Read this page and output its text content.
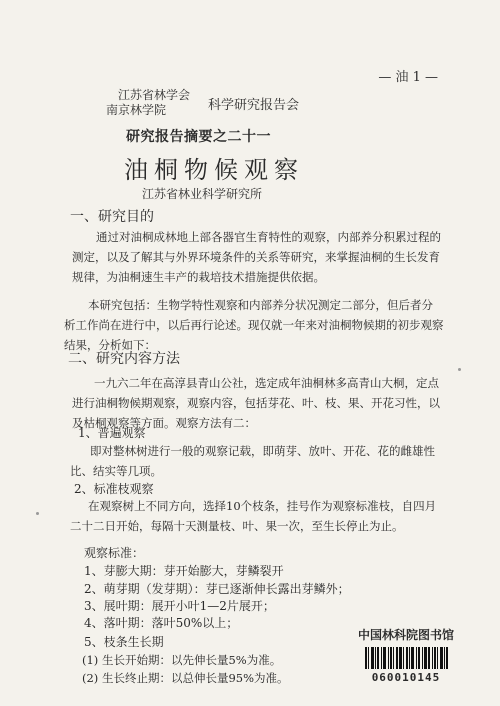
— 油 1 —
江苏省林学会
南京林学院	科学研究报告会
研究报告摘要之二十一
油桐物候观察
江苏省林业科学研究所
一、研究目的
通过对油桐成林地上部各器官生育特性的观察，内部养分积累过程的测定，以及了解其与外界环境条件的关系等研究，来掌握油桐的生长发育规律，为油桐速生丰产的栽培技术措施提供依据。
本研究包括：生物学特性观察和内部养分状况测定二部分，但后者分析工作尚在进行中，以后再行论述。现仅就一年来对油桐物候期的初步观察结果，分析如下：
二、研究内容方法
一九六二年在高淳县青山公社，选定成年油桐林多高青山大桐，定点进行油桐物候期观察，观察内容，包括芽花、叶、枝、果、开花习性，以及枯桐观察等方面。观察方法有二：
1、普遍观察
即对整林树进行一般的观察记载，即萌芽、放叶、开花、花的雌雄性比、结实等几项。
2、标准枝观察
在观察树上不同方向，选择10个枝条，挂号作为观察标准枝，自四月二十二日开始，每隔十天测量枝、叶、果一次，至生长停止为止。
观察标准：
1、芽膨大期：芽开始膨大，芽鳞裂开
2、萌芽期（发芽期）：芽已逐渐伸长露出芽鳞外；
3、展叶期：展开小叶1—2片展开；
4、落叶期：落叶50%以上；
5、枝条生长期
(1) 生长开始期：以先伸长量5%为准。
(2) 生长终止期：以总伸长量95%为准。
中国林科院图书馆
060010145
